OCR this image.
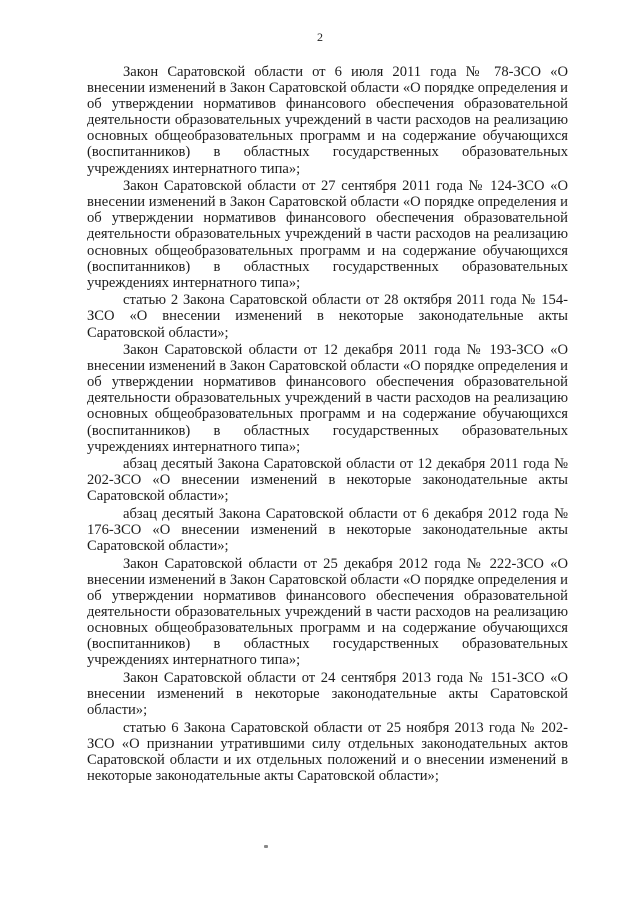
2

Закон Саратовской области от 6 июля 2011 года № 78-ЗСО «О внесении изменений в Закон Саратовской области «О порядке определения и об утверждении нормативов финансового обеспечения образовательной деятельности образовательных учреждений в части расходов на реализацию основных общеобразовательных программ и на содержание обучающихся (воспитанников) в областных государственных образовательных учреждениях интернатного типа»;

Закон Саратовской области от 27 сентября 2011 года № 124-ЗСО «О внесении изменений в Закон Саратовской области «О порядке определения и об утверждении нормативов финансового обеспечения образовательной деятельности образовательных учреждений в части расходов на реализацию основных общеобразовательных программ и на содержание обучающихся (воспитанников) в областных государственных образовательных учреждениях интернатного типа»;

статью 2 Закона Саратовской области от 28 октября 2011 года № 154-ЗСО «О внесении изменений в некоторые законодательные акты Саратовской области»;

Закон Саратовской области от 12 декабря 2011 года № 193-ЗСО «О внесении изменений в Закон Саратовской области «О порядке определения и об утверждении нормативов финансового обеспечения образовательной деятельности образовательных учреждений в части расходов на реализацию основных общеобразовательных программ и на содержание обучающихся (воспитанников) в областных государственных образовательных учреждениях интернатного типа»;

абзац десятый Закона Саратовской области от 12 декабря 2011 года № 202-ЗСО «О внесении изменений в некоторые законодательные акты Саратовской области»;

абзац десятый Закона Саратовской области от 6 декабря 2012 года № 176-ЗСО «О внесении изменений в некоторые законодательные акты Саратовской области»;

Закон Саратовской области от 25 декабря 2012 года № 222-ЗСО «О внесении изменений в Закон Саратовской области «О порядке определения и об утверждении нормативов финансового обеспечения образовательной деятельности образовательных учреждений в части расходов на реализацию основных общеобразовательных программ и на содержание обучающихся (воспитанников) в областных государственных образовательных учреждениях интернатного типа»;

Закон Саратовской области от 24 сентября 2013 года № 151-ЗСО «О внесении изменений в некоторые законодательные акты Саратовской области»;

статью 6 Закона Саратовской области от 25 ноября 2013 года № 202-ЗСО «О признании утратившими силу отдельных законодательных актов Саратовской области и их отдельных положений и о внесении изменений в некоторые законодательные акты Саратовской области»;
